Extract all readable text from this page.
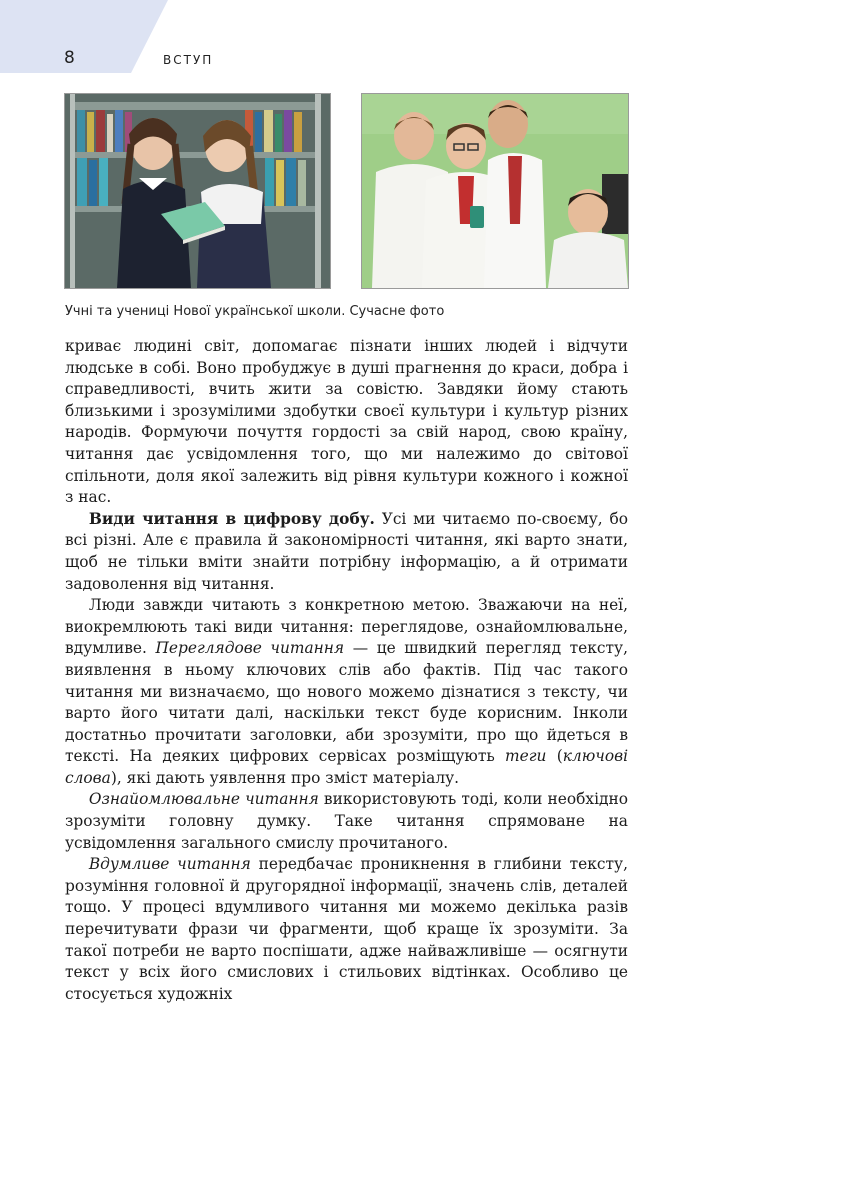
8	ВСТУП
Учні та учениці Нової української школи. Сучасне фото

криває людині світ, допомагає пізнати інших людей і відчути людське в собі. Воно пробуджує в душі прагнення до краси, добра і справедливості, вчить жити за совістю. Завдяки йому стають близькими і зрозумілими здобутки своєї культури і культур різних народів. Формуючи почуття гордості за свій народ, свою країну, читання дає усвідомлення того, що ми належимо до світової спільноти, доля якої залежить від рівня культури кожного і кожної з нас.

Види читання в цифрову добу. Усі ми читаємо по-своєму, бо всі різні. Але є правила й закономірності читання, які варто знати, щоб не тільки вміти знайти потрібну інформацію, а й отримати задоволення від читання.

Люди завжди читають з конкретною метою. Зважаючи на неї, виокремлюють такі види читання: переглядове, ознайомлювальне, вдумливе. Переглядове читання — це швидкий перегляд тексту, виявлення в ньому ключових слів або фактів. Під час такого читання ми визначаємо, що нового можемо дізнатися з тексту, чи варто його читати далі, наскільки текст буде корисним. Інколи достатньо прочитати заголовки, аби зрозуміти, про що йдеться в тексті. На деяких цифрових сервісах розміщують теги (ключові слова), які дають уявлення про зміст матеріалу.

Ознайомлювальне читання використовують тоді, коли необхідно зрозуміти головну думку. Таке читання спрямоване на усвідомлення загального смислу прочитаного.

Вдумливе читання передбачає проникнення в глибини тексту, розуміння головної й другорядної інформації, значень слів, деталей тощо. У процесі вдумливого читання ми можемо декілька разів перечитувати фрази чи фрагменти, щоб краще їх зрозуміти. За такої потреби не варто поспішати, адже найважливіше — осягнути текст у всіх його смислових і стильових відтінках. Особливо це стосується художніх
